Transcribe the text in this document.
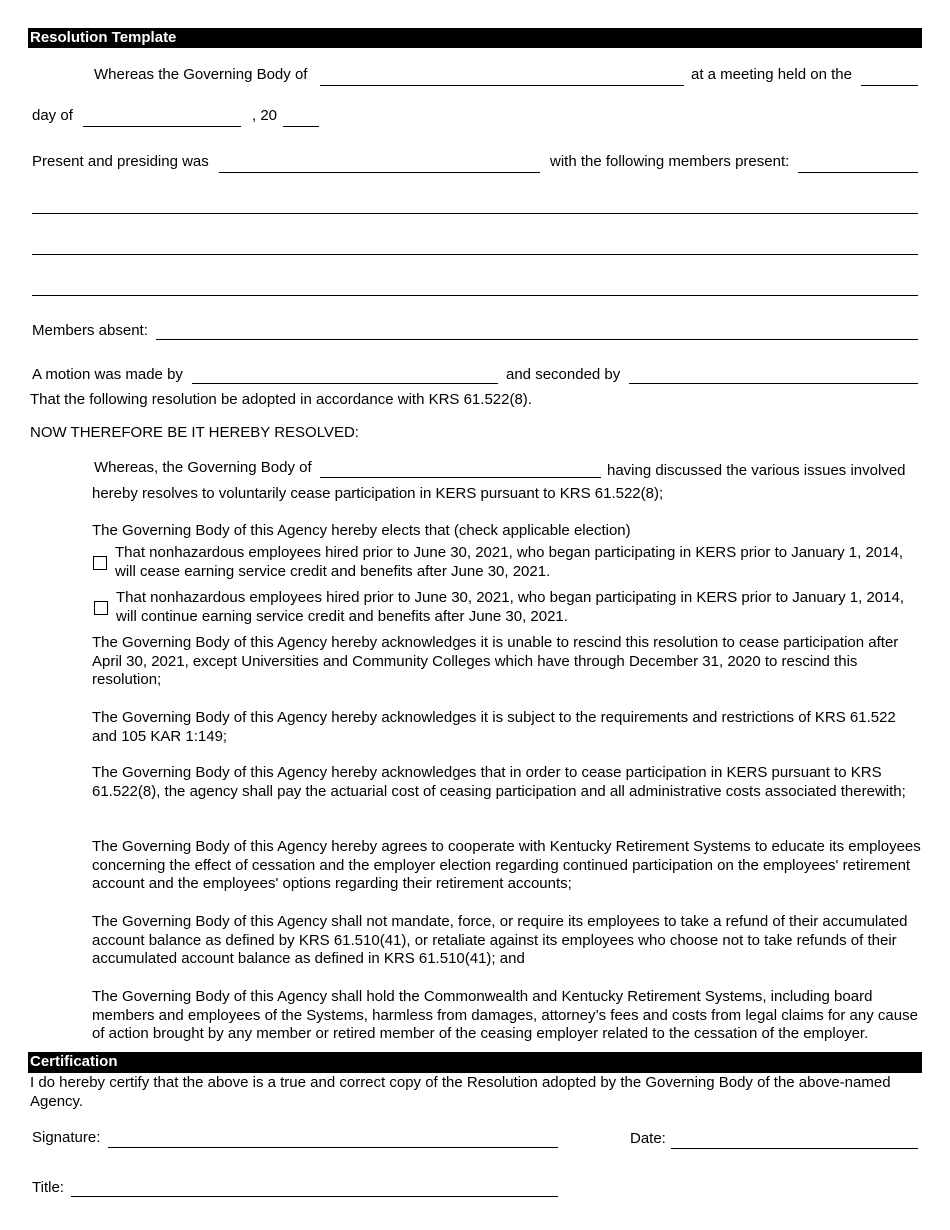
Resolution Template
Whereas the Governing Body of	at a meeting held on the
day of	, 20
Present and presiding was	with the following members present:
Members absent:
A motion was made by	and seconded by
That the following resolution be adopted in accordance with KRS 61.522(8).
NOW THEREFORE BE IT HEREBY RESOLVED:
Whereas, the Governing Body of	having discussed the various issues involved
hereby resolves to voluntarily cease participation in KERS pursuant to KRS 61.522(8);
The Governing Body of this Agency hereby elects that (check applicable election)
That nonhazardous employees hired prior to June 30, 2021, who began participating in KERS prior to January 1, 2014, will cease earning service credit and benefits after June 30, 2021.
That nonhazardous employees hired prior to June 30, 2021, who began participating in KERS prior to January 1, 2014, will continue earning service credit and benefits after June 30, 2021.
The Governing Body of this Agency hereby acknowledges it is unable to rescind this resolution to cease participation after April 30, 2021, except Universities and Community Colleges which have through December 31, 2020 to rescind this resolution;
The Governing Body of this Agency hereby acknowledges it is subject to the requirements and restrictions of KRS 61.522 and 105 KAR 1:149;
The Governing Body of this Agency hereby acknowledges that in order to cease participation in KERS pursuant to KRS 61.522(8), the agency shall pay the actuarial cost of ceasing participation and all administrative costs associated therewith;
The Governing Body of this Agency hereby agrees to cooperate with Kentucky Retirement Systems to educate its employees concerning the effect of cessation and the employer election regarding continued participation on the employees' retirement account and the employees' options regarding their retirement accounts;
The Governing Body of this Agency shall not mandate, force, or require its employees to take a refund of their accumulated account balance as defined by KRS 61.510(41), or retaliate against its employees who choose not to take refunds of their accumulated account balance as defined in KRS 61.510(41); and
The Governing Body of this Agency shall hold the Commonwealth and Kentucky Retirement Systems, including board members and employees of the Systems, harmless from damages, attorney’s fees and costs from legal claims for any cause of action brought by any member or retired member of the ceasing employer related to the cessation of the employer.
Certification
I do hereby certify that the above is a true and correct copy of the Resolution adopted by the Governing Body of the above-named Agency.
Signature:	Date:
Title:
